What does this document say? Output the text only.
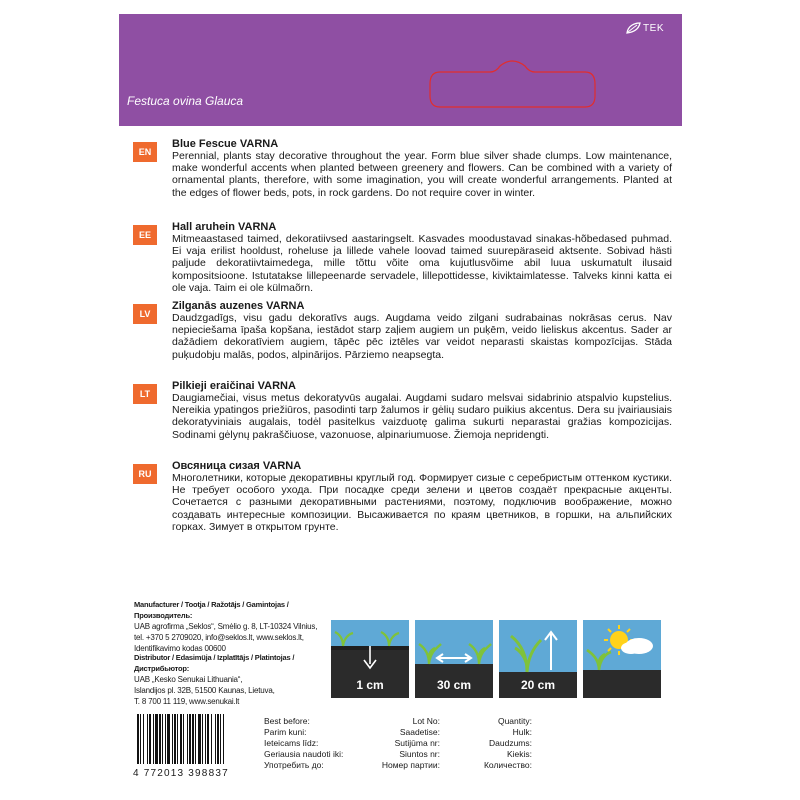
Festuca ovina Glauca
TEK
EN
Blue Fescue VARNA
Perennial, plants stay decorative throughout the year. Form blue silver shade clumps. Low maintenance, make wonderful accents when planted between greenery and flowers. Can be combined with a variety of ornamental plants, therefore, with some imagination, you will create wonderful arrangements. Planted at the edges of flower beds, pots, in rock gardens. Do not require cover in winter.
EE
Hall aruhein VARNA
Mitmeaastased taimed, dekoratiivsed aastaringselt. Kasvades moodustavad sinakas-hõbedased puhmad. Ei vaja erilist hooldust, roheluse ja lillede vahele loovad taimed suurepäraseid aktsente. Sobivad hästi paljude dekoratiivtaimedega, mille tõttu võite oma kujutlusvõime abil luua uskumatult ilusaid kompositsioone. Istutatakse lillepeenarde servadele, lillepottidesse, kiviktaimlatesse. Talveks kinni katta ei ole vaja. Taim ei ole külmaõrn.
LV
Zilganās auzenes VARNA
Daudzgadīgs, visu gadu dekoratīvs augs. Augdama veido zilgani sudrabainas nokrāsas cerus. Nav nepieciešama īpaša kopšana, iestādot starp zaļiem augiem un puķēm, veido lieliskus akcentus. Sader ar dažādiem dekoratīviem augiem, tāpēc pēc iztēles var veidot neparasti skaistas kompozīcijas. Stāda puķudobju malās, podos, alpinārijos. Pārziemo neapsegta.
LT
Pilkieji eraičinai VARNA
Daugiamečiai, visus metus dekoratyvūs augalai. Augdami sudaro melsvai sidabrinio atspalvio kupstelius. Nereikia ypatingos priežiūros, pasodinti tarp žalumos ir gėlių sudaro puikius akcentus. Dera su įvairiausiais dekoratyviniais augalais, todėl pasitelkus vaizduotę galima sukurti neparastai gražias kompozicijas. Sodinami gėlynų pakraščiuose, vazonuose, alpinariumuose. Žiemoja nepridengti.
RU
Овсяница сизая VARNA
Многолетники, которые декоративны круглый год. Формирует сизые с серебристым оттенком кустики. Не требует особого ухода. При посадке среди зелени и цветов создаёт прекрасные акценты. Сочетается с разными декоративными растениями, поэтому, подключив воображение, можно создавать интересные композиции. Высаживается по краям цветников, в горшки, на альпийских горках. Зимует в открытом грунте.
Manufacturer / Tootja / Ražotājs / Gamintojas / Производитель:
UAB agrofirma „Seklos“, Smėlio g. 8, LT-10324 Vilnius,
tel. +370 5 2709020, info@seklos.lt, www.seklos.lt,
Identifikavimo kodas 00600
Distributor / Edasimüja / Izplatītājs / Platintojas / Дистрибьютор:
UAB „Kesko Senukai Lithuania“,
Islandijos pl. 32B, 51500 Kaunas, Lietuva,
T. 8 700 11 119, www.senukai.lt
1 cm	30 cm	20 cm
4 772013 398837
Best before:
Parim kuni:
Ieteicams līdz:
Geriausia naudoti iki:
Употребить до:
Lot No:
Saadetise:
Sutijūma nr:
Siuntos nr:
Номер партии:
Quantity:
Hulk:
Daudzums:
Kiekis:
Количество:
